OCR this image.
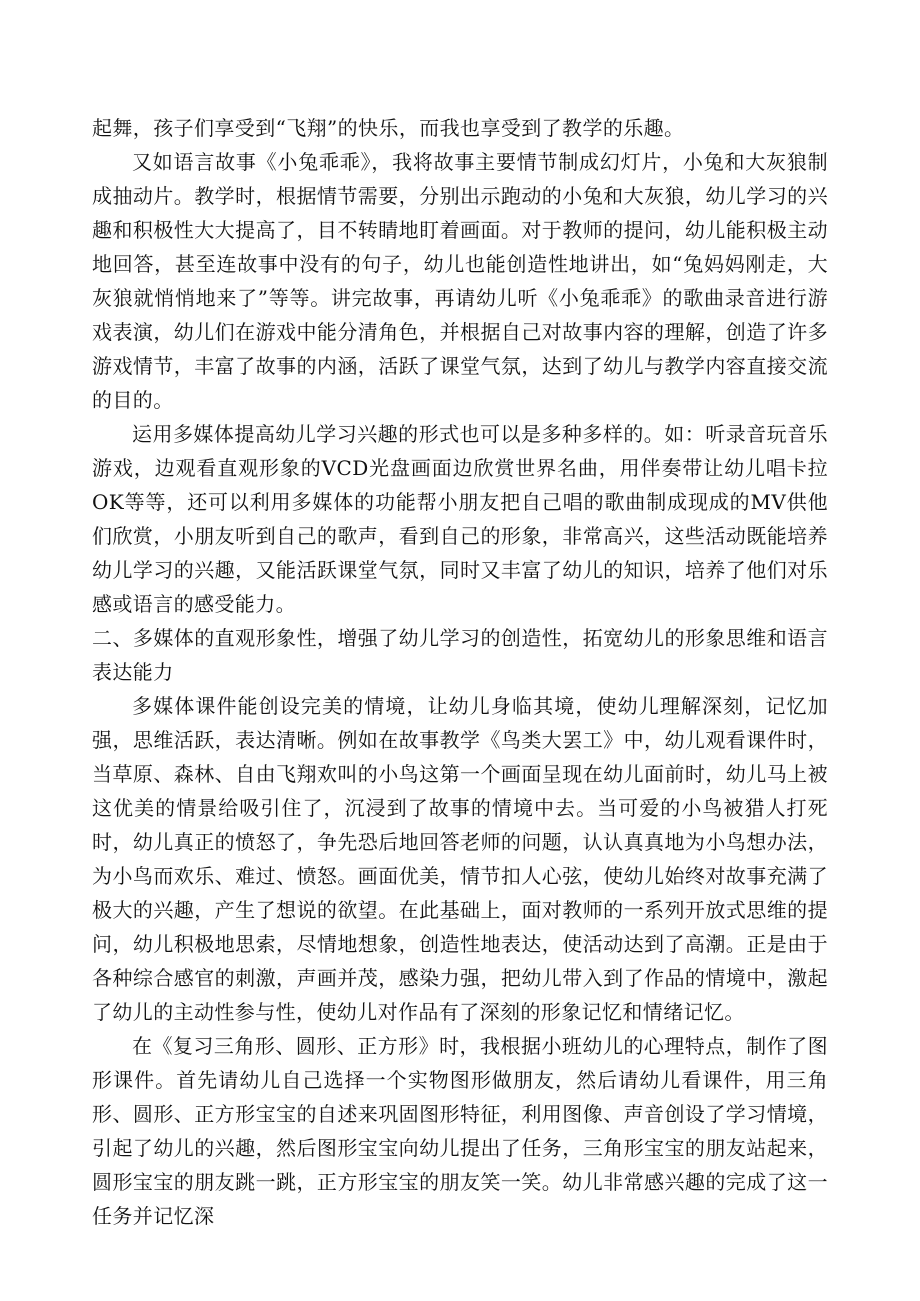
起舞，孩子们享受到“飞翔”的快乐，而我也享受到了教学的乐趣。

又如语言故事《小兔乖乖》，我将故事主要情节制成幻灯片，小兔和大灰狼制成抽动片。教学时，根据情节需要，分别出示跑动的小兔和大灰狼，幼儿学习的兴趣和积极性大大提高了，目不转睛地盯着画面。对于教师的提问，幼儿能积极主动地回答，甚至连故事中没有的句子，幼儿也能创造性地讲出，如“兔妈妈刚走，大灰狼就悄悄地来了”等等。讲完故事，再请幼儿听《小兔乖乖》的歌曲录音进行游戏表演，幼儿们在游戏中能分清角色，并根据自己对故事内容的理解，创造了许多游戏情节，丰富了故事的内涵，活跃了课堂气氛，达到了幼儿与教学内容直接交流的目的。

运用多媒体提高幼儿学习兴趣的形式也可以是多种多样的。如：听录音玩音乐游戏，边观看直观形象的VCD光盘画面边欣赏世界名曲，用伴奏带让幼儿唱卡拉OK等等，还可以利用多媒体的功能帮小朋友把自己唱的歌曲制成现成的MV供他们欣赏，小朋友听到自己的歌声，看到自己的形象，非常高兴，这些活动既能培养幼儿学习的兴趣，又能活跃课堂气氛，同时又丰富了幼儿的知识，培养了他们对乐感或语言的感受能力。

二、多媒体的直观形象性，增强了幼儿学习的创造性，拓宽幼儿的形象思维和语言表达能力

多媒体课件能创设完美的情境，让幼儿身临其境，使幼儿理解深刻，记忆加强，思维活跃，表达清晰。例如在故事教学《鸟类大罢工》中，幼儿观看课件时，当草原、森林、自由飞翔欢叫的小鸟这第一个画面呈现在幼儿面前时，幼儿马上被这优美的情景给吸引住了，沉浸到了故事的情境中去。当可爱的小鸟被猎人打死时，幼儿真正的愤怒了，争先恐后地回答老师的问题，认认真真地为小鸟想办法，为小鸟而欢乐、难过、愤怒。画面优美，情节扣人心弦，使幼儿始终对故事充满了极大的兴趣，产生了想说的欲望。在此基础上，面对教师的一系列开放式思维的提问，幼儿积极地思索，尽情地想象，创造性地表达，使活动达到了高潮。正是由于各种综合感官的刺激，声画并茂，感染力强，把幼儿带入到了作品的情境中，激起了幼儿的主动性参与性，使幼儿对作品有了深刻的形象记忆和情绪记忆。

在《复习三角形、圆形、正方形》时，我根据小班幼儿的心理特点，制作了图形课件。首先请幼儿自己选择一个实物图形做朋友，然后请幼儿看课件，用三角形、圆形、正方形宝宝的自述来巩固图形特征，利用图像、声音创设了学习情境，引起了幼儿的兴趣，然后图形宝宝向幼儿提出了任务，三角形宝宝的朋友站起来，圆形宝宝的朋友跳一跳，正方形宝宝的朋友笑一笑。幼儿非常感兴趣的完成了这一任务并记忆深
